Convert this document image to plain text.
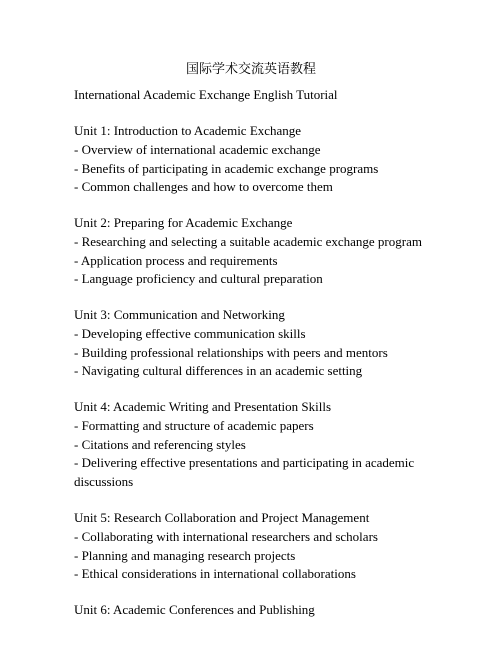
国际学术交流英语教程
International Academic Exchange English Tutorial
Unit 1: Introduction to Academic Exchange
- Overview of international academic exchange
- Benefits of participating in academic exchange programs
- Common challenges and how to overcome them
Unit 2: Preparing for Academic Exchange
- Researching and selecting a suitable academic exchange program
- Application process and requirements
- Language proficiency and cultural preparation
Unit 3: Communication and Networking
- Developing effective communication skills
- Building professional relationships with peers and mentors
- Navigating cultural differences in an academic setting
Unit 4: Academic Writing and Presentation Skills
- Formatting and structure of academic papers
- Citations and referencing styles
- Delivering effective presentations and participating in academic
discussions
Unit 5: Research Collaboration and Project Management
- Collaborating with international researchers and scholars
- Planning and managing research projects
- Ethical considerations in international collaborations
Unit 6: Academic Conferences and Publishing
